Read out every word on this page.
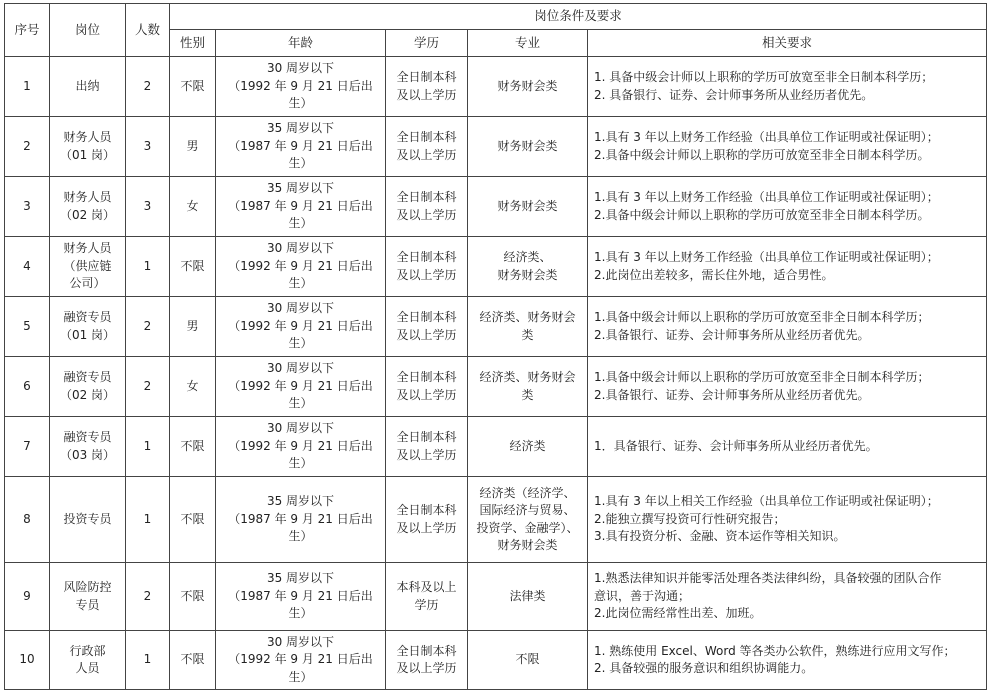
序号	岗位	人数	岗位条件及要求				
			性别	年龄	学历	专业	相关要求

1	出纳	2	不限	30 周岁以下
（1992 年 9 月 21 日后出
生）	全日制本科
及以上学历	财务财会类	1. 具备中级会计师以上职称的学历可放宽至非全日制本科学历；
2. 具备银行、证券、会计师事务所从业经历者优先。

2	财务人员
（01 岗）	3	男	35 周岁以下
（1987 年 9 月 21 日后出
生）	全日制本科
及以上学历	财务财会类	1.具有 3 年以上财务工作经验（出具单位工作证明或社保证明）；
2.具备中级会计师以上职称的学历可放宽至非全日制本科学历。

3	财务人员
（02 岗）	3	女	35 周岁以下
（1987 年 9 月 21 日后出
生）	全日制本科
及以上学历	财务财会类	1.具有 3 年以上财务工作经验（出具单位工作证明或社保证明）；
2.具备中级会计师以上职称的学历可放宽至非全日制本科学历。

4	财务人员
（供应链
公司）	1	不限	30 周岁以下
（1992 年 9 月 21 日后出
生）	全日制本科
及以上学历	经济类、
财务财会类	1.具有 3 年以上财务工作经验（出具单位工作证明或社保证明）；
2.此岗位出差较多，需长住外地，适合男性。

5	融资专员
（01 岗）	2	男	30 周岁以下
（1992 年 9 月 21 日后出
生）	全日制本科
及以上学历	经济类、财务财会
类	1.具备中级会计师以上职称的学历可放宽至非全日制本科学历；
2.具备银行、证券、会计师事务所从业经历者优先。

6	融资专员
（02 岗）	2	女	30 周岁以下
（1992 年 9 月 21 日后出
生）	全日制本科
及以上学历	经济类、财务财会
类	1.具备中级会计师以上职称的学历可放宽至非全日制本科学历；
2.具备银行、证券、会计师事务所从业经历者优先。

7	融资专员
（03 岗）	1	不限	30 周岁以下
（1992 年 9 月 21 日后出
生）	全日制本科
及以上学历	经济类	1．具备银行、证券、会计师事务所从业经历者优先。

8	投资专员	1	不限	35 周岁以下
（1987 年 9 月 21 日后出
生）	全日制本科
及以上学历	经济类（经济学、
国际经济与贸易、
投资学、金融学）、
财务财会类	1.具有 3 年以上相关工作经验（出具单位工作证明或社保证明）；
2.能独立撰写投资可行性研究报告；
3.具有投资分析、金融、资本运作等相关知识。

9	风险防控
专员	2	不限	35 周岁以下
（1987 年 9 月 21 日后出
生）	本科及以上
学历	法律类	1.熟悉法律知识并能零活处理各类法律纠纷，具备较强的团队合作
意识，善于沟通；
2.此岗位需经常性出差、加班。

10	行政部
人员	1	不限	30 周岁以下
（1992 年 9 月 21 日后出
生）	全日制本科
及以上学历	不限	1. 熟练使用 Excel、Word 等各类办公软件，熟练进行应用文写作；
2. 具备较强的服务意识和组织协调能力。
